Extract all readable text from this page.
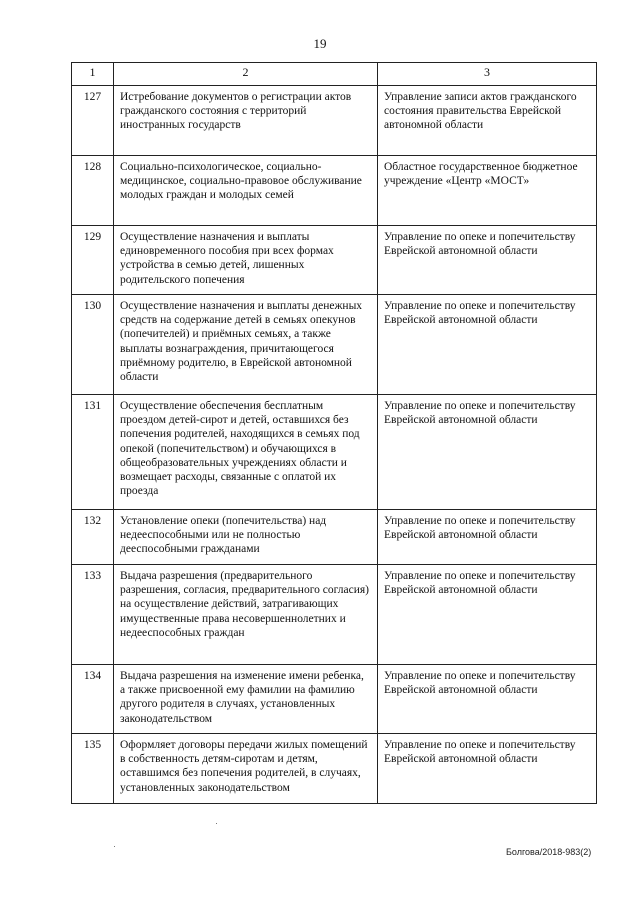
19
1	2	3
127	Истребование документов о регистрации актов гражданского состояния с территорий иностранных государств	Управление записи актов гражданского состояния правительства Еврейской автономной области
128	Социально-психологическое, социально-медицинское, социально-правовое обслуживание молодых граждан и молодых семей	Областное государственное бюджетное учреждение «Центр «МОСТ»
129	Осуществление назначения и выплаты единовременного пособия при всех формах устройства в семью детей, лишенных родительского попечения	Управление по опеке и попечительству Еврейской автономной области
130	Осуществление назначения и выплаты денежных средств на содержание детей в семьях опекунов (попечителей) и приёмных семьях, а также выплаты вознаграждения, причитающегося приёмному родителю, в Еврейской автономной области	Управление по опеке и попечительству Еврейской автономной области
131	Осуществление обеспечения бесплатным проездом детей-сирот и детей, оставшихся без попечения родителей, находящихся в семьях под опекой (попечительством) и обучающихся в общеобразовательных учреждениях области и возмещает расходы, связанные с оплатой их проезда	Управление по опеке и попечительству Еврейской автономной области
132	Установление опеки (попечительства) над недееспособными или не полностью дееспособными гражданами	Управление по опеке и попечительству Еврейской автономной области
133	Выдача разрешения (предварительного разрешения, согласия, предварительного согласия) на осуществление действий, затрагивающих имущественные права несовершеннолетних и недееспособных граждан	Управление по опеке и попечительству Еврейской автономной области
134	Выдача разрешения на изменение имени ребенка, а также присвоенной ему фамилии на фамилию другого родителя в случаях, установленных законодательством	Управление по опеке и попечительству Еврейской автономной области
135	Оформляет договоры передачи жилых помещений в собственность детям-сиротам и детям, оставшимся без попечения родителей, в случаях, установленных законодательством	Управление по опеке и попечительству Еврейской автономной области
Болгова/2018-983(2)
